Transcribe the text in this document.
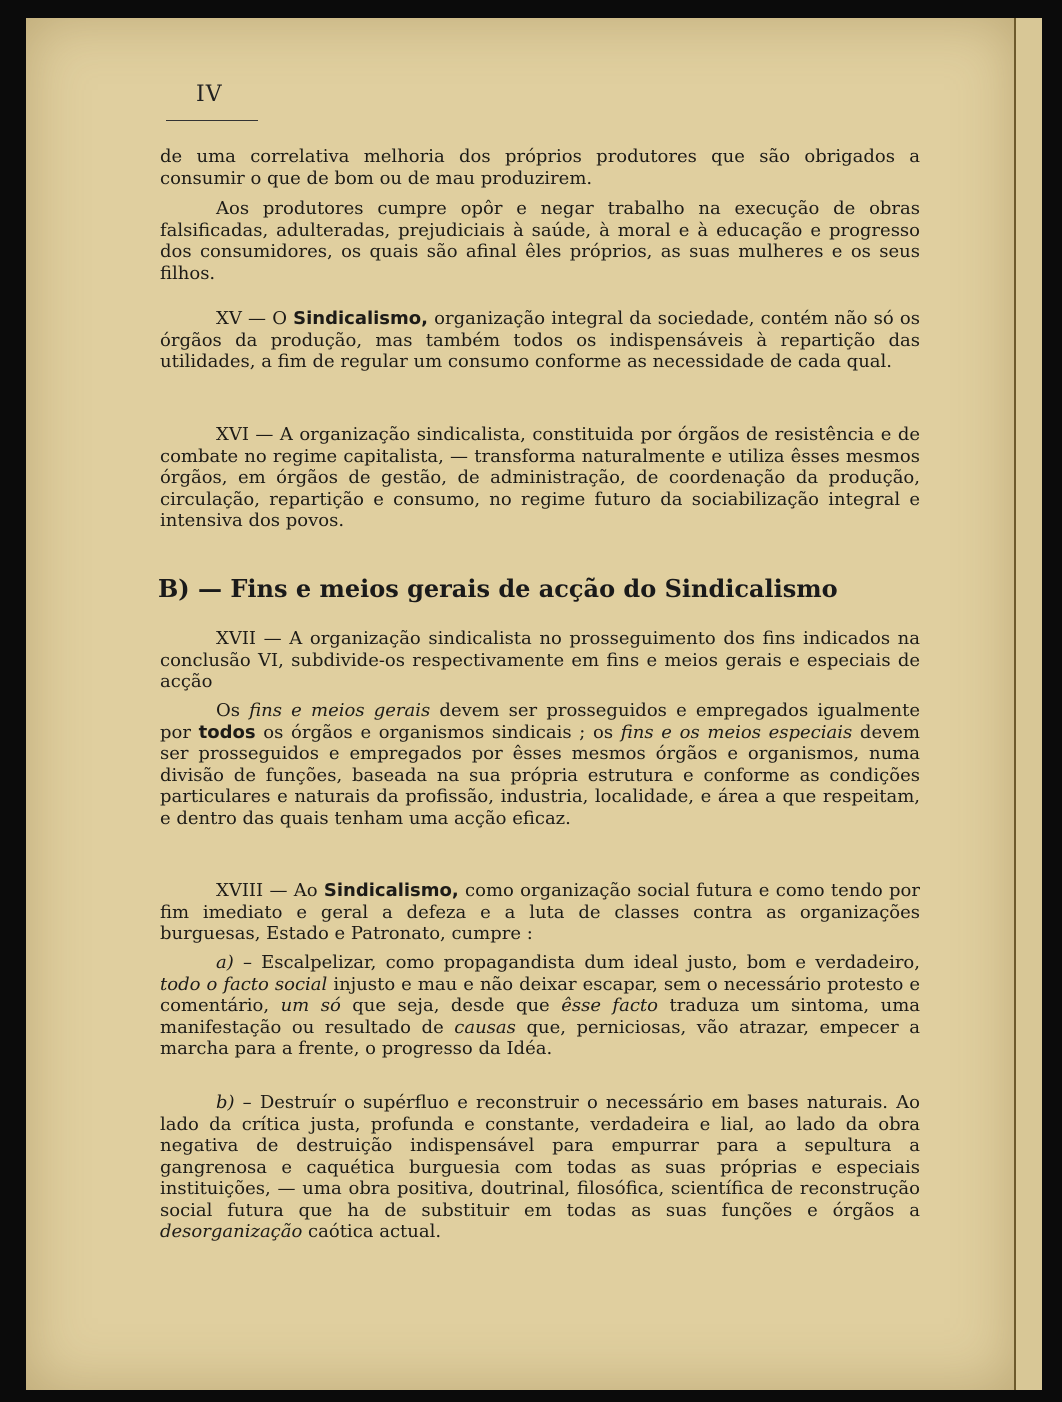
IV
de uma correlativa melhoria dos próprios produtores que são obrigados a consumir o que de bom ou de mau produzirem.
Aos produtores cumpre opôr e negar trabalho na execução de obras falsificadas, adulteradas, prejudiciais à saúde, à moral e à educação e progresso dos consumidores, os quais são afinal êles próprios, as suas mulheres e os seus filhos.
XV — O Sindicalismo, organização integral da sociedade, contém não só os órgãos da produção, mas também todos os indispensáveis à repartição das utilidades, a fim de regular um consumo conforme as necessidade de cada qual.
XVI — A organização sindicalista, constituida por órgãos de resistência e de combate no regime capitalista, — transforma naturalmente e utiliza êsses mesmos órgãos, em órgãos de gestão, de administração, de coordenação da produção, circulação, repartição e consumo, no regime futuro da sociabilização integral e intensiva dos povos.
B) — Fins e meios gerais de acção do Sindicalismo
XVII — A organização sindicalista no prosseguimento dos fins indicados na conclusão VI, subdivide-os respectivamente em fins e meios gerais e especiais de acção
Os fins e meios gerais devem ser prosseguidos e empregados igualmente por todos os órgãos e organismos sindicais ; os fins e os meios especiais devem ser prosseguidos e empregados por êsses mesmos órgãos e organismos, numa divisão de funções, baseada na sua própria estrutura e conforme as condições particulares e naturais da profissão, industria, localidade, e área a que respeitam, e dentro das quais tenham uma acção eficaz.
XVIII — Ao Sindicalismo, como organização social futura e como tendo por fim imediato e geral a defeza e a luta de classes contra as organizações burguesas, Estado e Patronato, cumpre :
a) – Escalpelizar, como propagandista dum ideal justo, bom e verdadeiro, todo o facto social injusto e mau e não deixar escapar, sem o necessário protesto e comentário, um só que seja, desde que êsse facto traduza um sintoma, uma manifestação ou resultado de causas que, perniciosas, vão atrazar, empecer a marcha para a frente, o progresso da Idéa.
b) – Destruír o supérfluo e reconstruir o necessário em bases naturais. Ao lado da crítica justa, profunda e constante, verdadeira e lial, ao lado da obra negativa de destruição indispensável para empurrar para a sepultura a gangrenosa e caquética burguesia com todas as suas próprias e especiais instituições, — uma obra positiva, doutrinal, filosófica, scientífica de reconstrução social futura que ha de substituir em todas as suas funções e órgãos a desorganização caótica actual.
